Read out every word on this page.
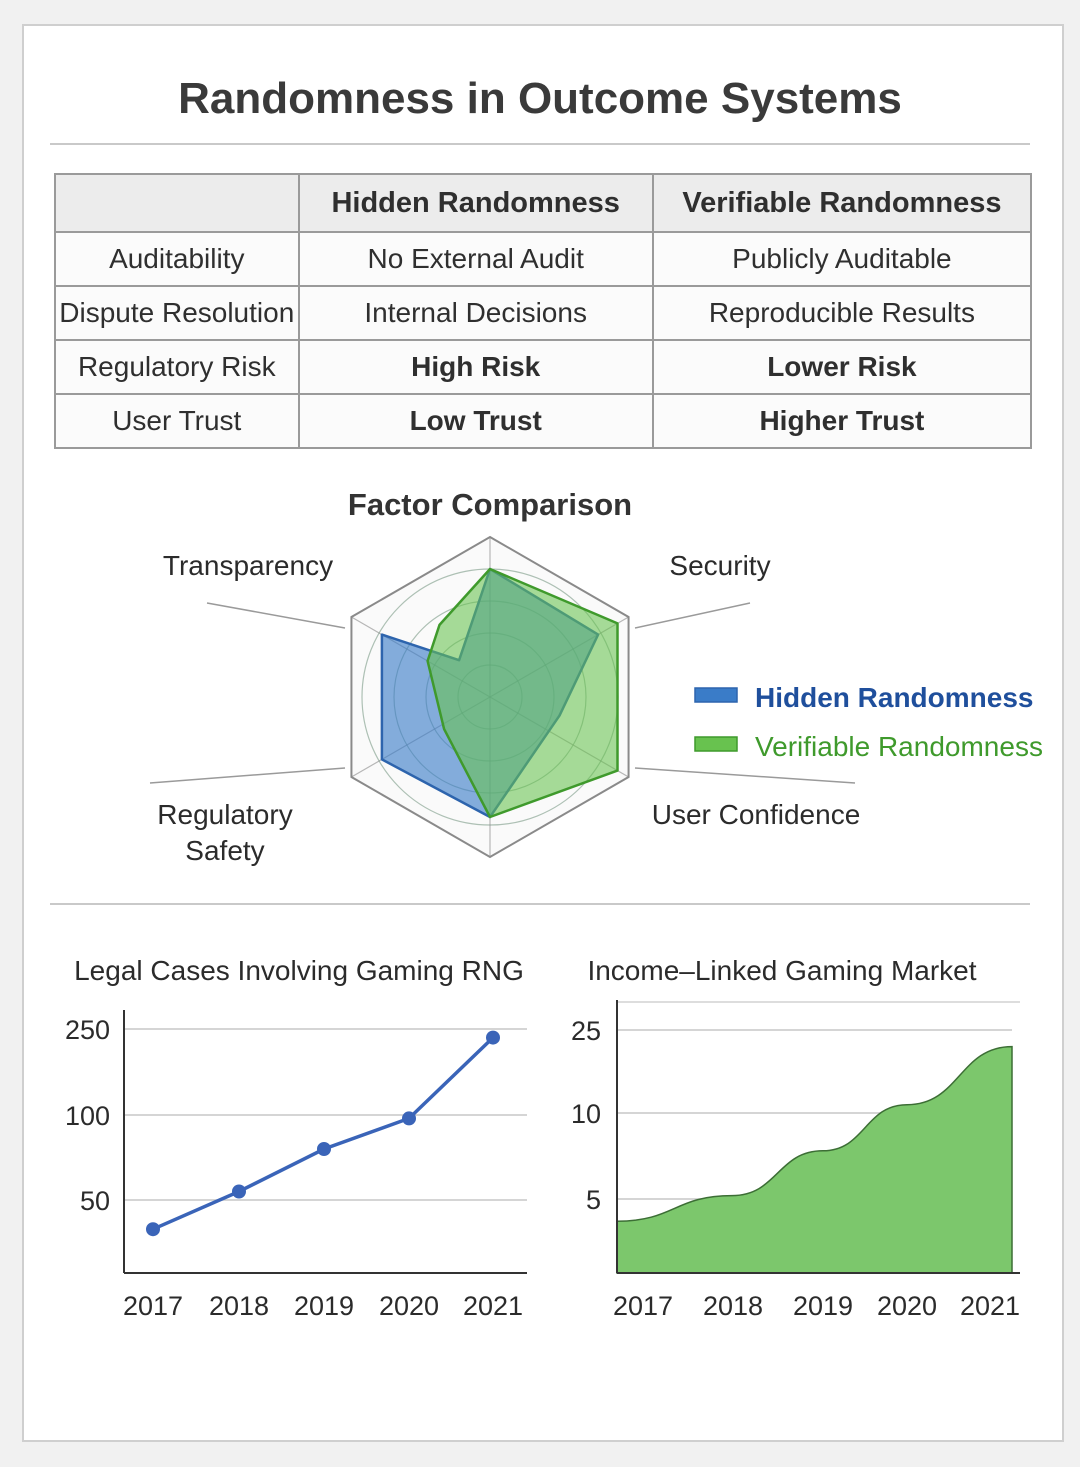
Randomness in Outcome Systems
	Hidden Randomness	Verifiable Randomness
Auditability	No External Audit	Publicly Auditable
Dispute Resolution	Internal Decisions	Reproducible Results
Regulatory Risk	High Risk	Lower Risk
User Trust	Low Trust	Higher Trust
Factor Comparison
Transparency	Security
User Confidence
Regulatory
Safety
Hidden Randomness
Verifiable Randomness
Legal Cases Involving Gaming RNG
250
100
50
2017 2018 2019 2020 2021
Income–Linked Gaming Market
25
10
5
2017 2018 2019 2020 2021
